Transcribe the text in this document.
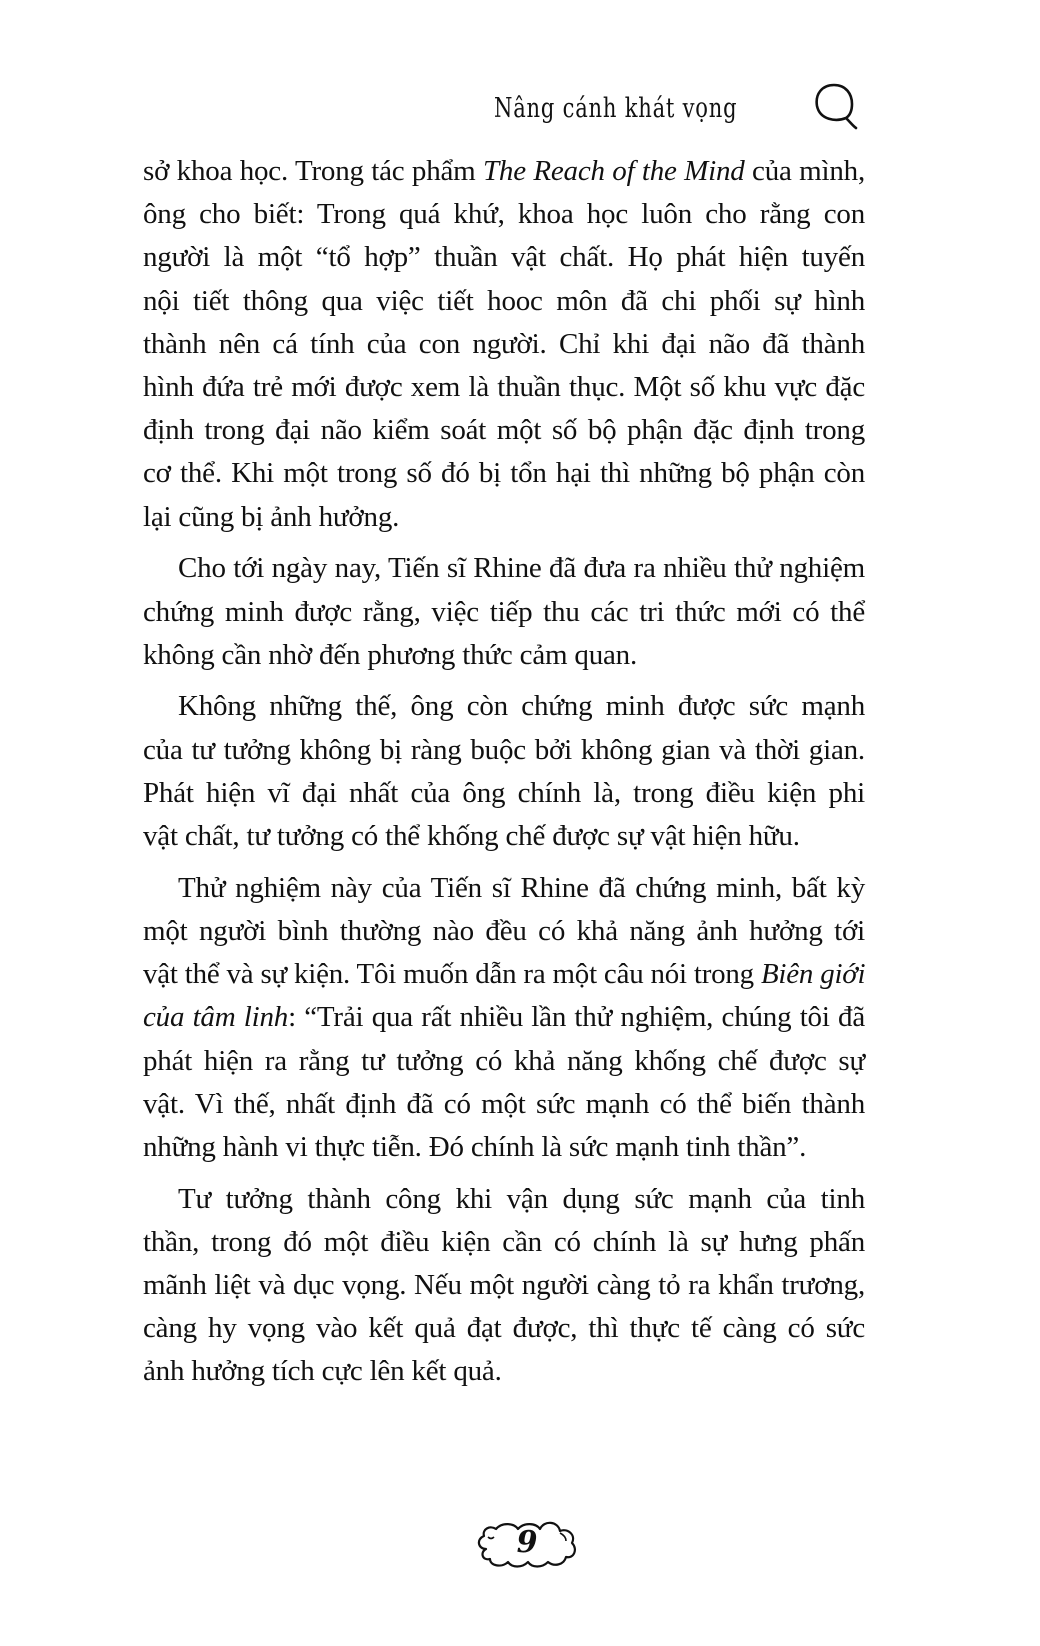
Nâng cánh khát vọng

sở khoa học. Trong tác phẩm The Reach of the Mind của mình,
ông cho biết: Trong quá khứ, khoa học luôn cho rằng con
người là một “tổ hợp” thuần vật chất. Họ phát hiện tuyến
nội tiết thông qua việc tiết hooc môn đã chi phối sự hình
thành nên cá tính của con người. Chỉ khi đại não đã thành
hình đứa trẻ mới được xem là thuần thục. Một số khu vực đặc
định trong đại não kiểm soát một số bộ phận đặc định trong
cơ thể. Khi một trong số đó bị tổn hại thì những bộ phận còn
lại cũng bị ảnh hưởng.

Cho tới ngày nay, Tiến sĩ Rhine đã đưa ra nhiều thử nghiệm
chứng minh được rằng, việc tiếp thu các tri thức mới có thể
không cần nhờ đến phương thức cảm quan.

Không những thế, ông còn chứng minh được sức mạnh
của tư tưởng không bị ràng buộc bởi không gian và thời gian.
Phát hiện vĩ đại nhất của ông chính là, trong điều kiện phi
vật chất, tư tưởng có thể khống chế được sự vật hiện hữu.

Thử nghiệm này của Tiến sĩ Rhine đã chứng minh, bất kỳ
một người bình thường nào đều có khả năng ảnh hưởng tới
vật thể và sự kiện. Tôi muốn dẫn ra một câu nói trong Biên giới
của tâm linh: “Trải qua rất nhiều lần thử nghiệm, chúng tôi đã
phát hiện ra rằng tư tưởng có khả năng khống chế được sự
vật. Vì thế, nhất định đã có một sức mạnh có thể biến thành
những hành vi thực tiễn. Đó chính là sức mạnh tinh thần”.

Tư tưởng thành công khi vận dụng sức mạnh của tinh
thần, trong đó một điều kiện cần có chính là sự hưng phấn
mãnh liệt và dục vọng. Nếu một người càng tỏ ra khẩn trương,
càng hy vọng vào kết quả đạt được, thì thực tế càng có sức
ảnh hưởng tích cực lên kết quả.

9
